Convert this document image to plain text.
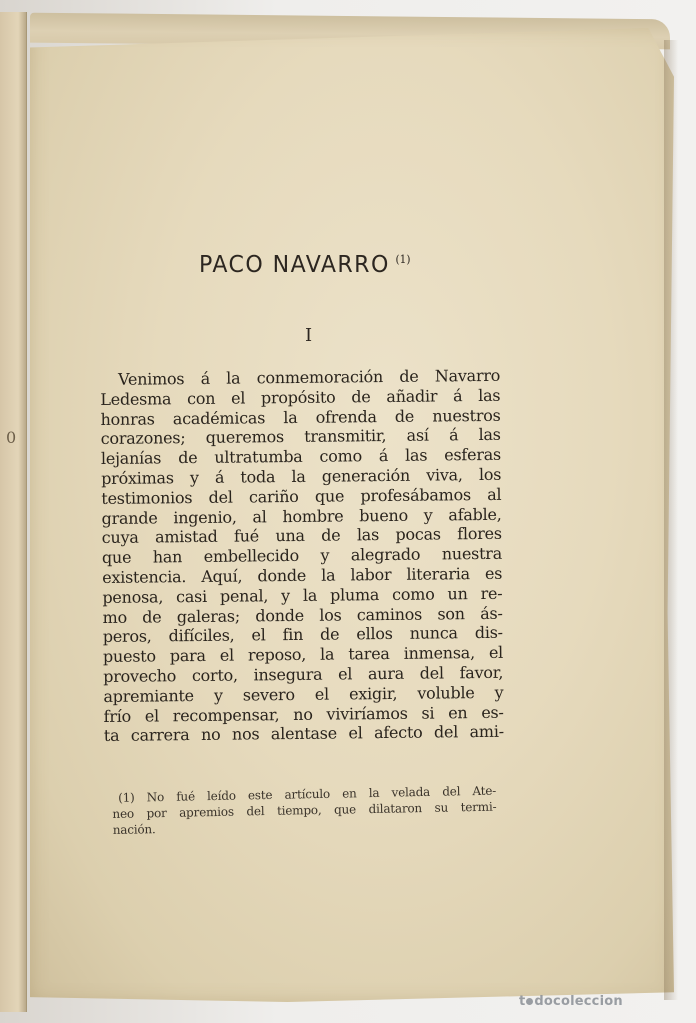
0
PACO NAVARRO $^{(1)}$
I
Venimos á la conmemoración de Navarro
Ledesma con el propósito de añadir á las
honras académicas la ofrenda de nuestros
corazones; queremos transmitir, así á las
lejanías de ultratumba como á las esferas
próximas y á toda la generación viva, los
testimonios del cariño que profesábamos al
grande ingenio, al hombre bueno y afable,
cuya amistad fué una de las pocas flores
que han embellecido y alegrado nuestra
existencia. Aquí, donde la labor literaria es
penosa, casi penal, y la pluma como un re-
mo de galeras; donde los caminos son ás-
peros, difíciles, el fin de ellos nunca dis-
puesto para el reposo, la tarea inmensa, el
provecho corto, insegura el aura del favor,
apremiante y severo el exigir, voluble y
frío el recompensar, no viviríamos si en es-
ta carrera no nos alentase el afecto del ami-
(1) No fué leído este artículo en la velada del Ate-
neo por apremios del tiempo, que dilataron su termi-
nación.
t docoleccion
